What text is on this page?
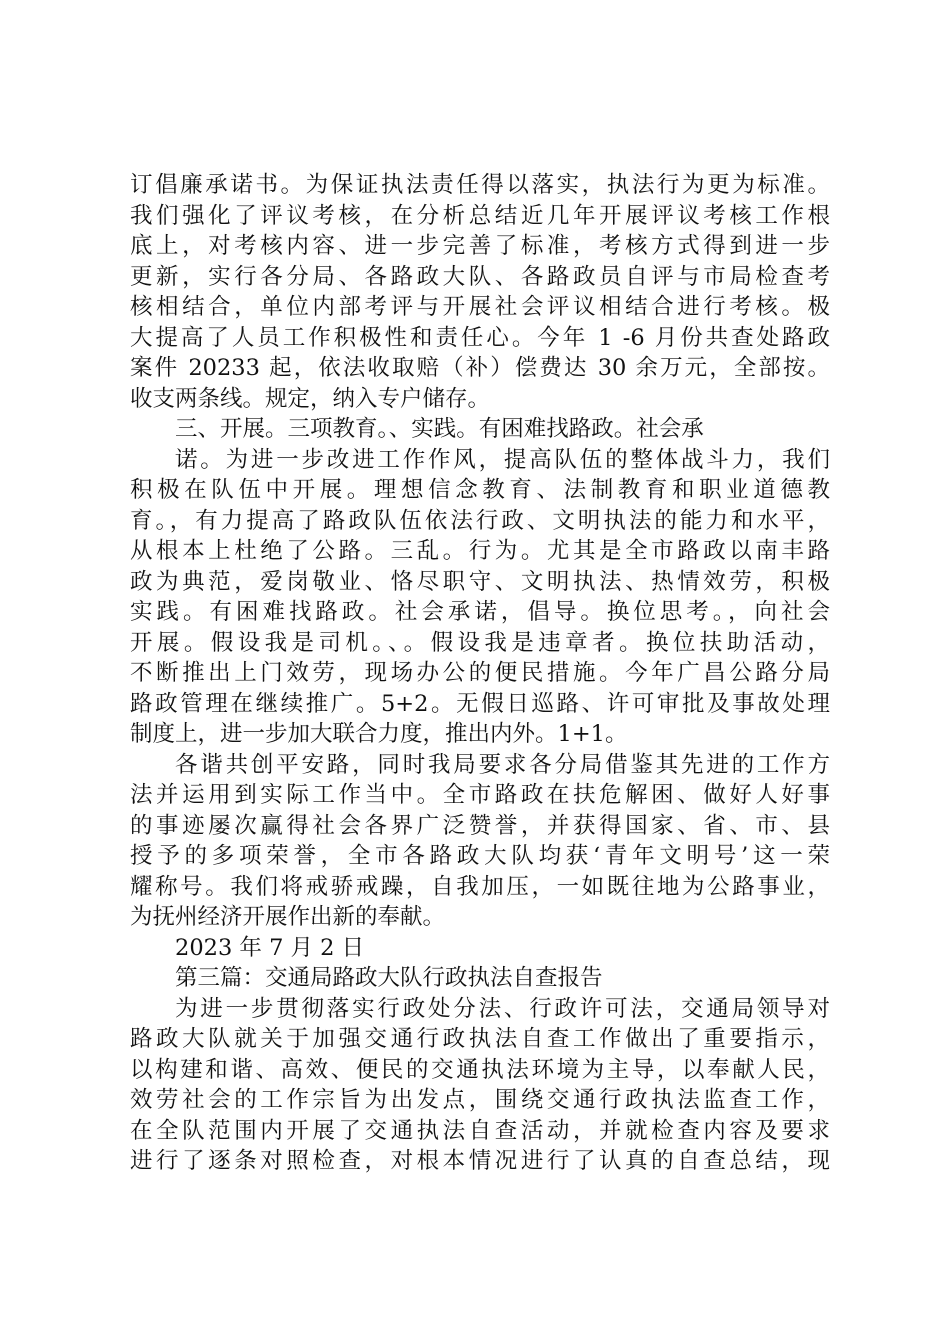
订倡廉承诺书。为保证执法责任得以落实，执法行为更为标准。
我们强化了评议考核，在分析总结近几年开展评议考核工作根
底上，对考核内容、进一步完善了标准，考核方式得到进一步
更新，实行各分局、各路政大队、各路政员自评与市局检查考
核相结合，单位内部考评与开展社会评议相结合进行考核。极
大提高了人员工作积极性和责任心。今年 1 -6 月份共查处路政
案件 20233 起，依法收取赔（补）偿费达 30 余万元，全部按。
收支两条线。规定，纳入专户储存。
三、开展。三项教育。、实践。有困难找路政。社会承
诺。为进一步改进工作作风，提高队伍的整体战斗力，我们
积极在队伍中开展。理想信念教育、法制教育和职业道德教
育。，有力提高了路政队伍依法行政、文明执法的能力和水平，
从根本上杜绝了公路。三乱。行为。尤其是全市路政以南丰路
政为典范，爱岗敬业、恪尽职守、文明执法、热情效劳，积极
实践。有困难找路政。社会承诺，倡导。换位思考。，向社会
开展。假设我是司机。、。假设我是违章者。换位扶助活动，
不断推出上门效劳，现场办公的便民措施。今年广昌公路分局
路政管理在继续推广。5+2。无假日巡路、许可审批及事故处理
制度上，进一步加大联合力度，推出内外。1+1。
各谐共创平安路，同时我局要求各分局借鉴其先进的工作方
法并运用到实际工作当中。全市路政在扶危解困、做好人好事
的事迹屡次赢得社会各界广泛赞誉，并获得国家、省、市、县
授予的多项荣誉，全市各路政大队均获‘青年文明号’这一荣
耀称号。我们将戒骄戒躁，自我加压，一如既往地为公路事业，
为抚州经济开展作出新的奉献。
2023 年 7 月 2 日
第三篇：交通局路政大队行政执法自查报告
为进一步贯彻落实行政处分法、行政许可法，交通局领导对
路政大队就关于加强交通行政执法自查工作做出了重要指示，
以构建和谐、高效、便民的交通执法环境为主导，以奉献人民，
效劳社会的工作宗旨为出发点，围绕交通行政执法监查工作，
在全队范围内开展了交通执法自查活动，并就检查内容及要求
进行了逐条对照检查，对根本情况进行了认真的自查总结，现
